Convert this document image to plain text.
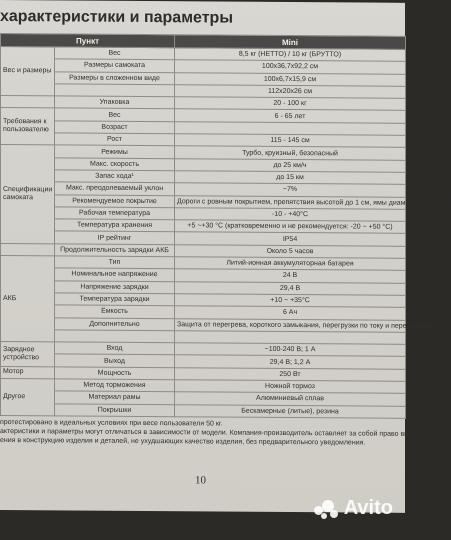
характеристики и параметры
Пункт		Mini
Вес и размеры	Вес	8,5 кг (НЕТТО) / 10 кг (БРУТТО)
	Размеры самоката	100х36,7х92,2 см
	Размеры в сложенном виде	100х6,7х15,9 см
		112х20х26 см
	Упаковка	20 - 100 кг
Требования к пользователю	Вес	6 - 65 лет
	Возраст	
	Рост	115 - 145 см
Спецификации самоката	Режимы	Турбо, круизный, безопасный
	Макс. скорость	до 25 км/ч
	Запас хода¹	до 15 км
	Макс. преодолеваемый уклон	~7%
	Рекомендуемое покрытие	Дороги с ровным покрытием, препятствия высотой до 1 см, ямы диаметром до 3 см
	Рабочая температура	-10 - +40°С
	Температура хранения	+5 ~+30 °С (кратковременно и не рекомендуется: -20 ~ +50 °С)
	IP рейтинг	IP54
	Продолжительность зарядки АКБ	Около 5 часов
АКБ	Тип	Литий-ионная аккумуляторная батарея
	Номинальное напряжение	24 В
	Напряжение зарядки	29,4 В
	Температура зарядки	+10 ~ +35°С
	Ёмкость	6 Ач
	Дополнительно	Защита от перегрева, короткого замыкания, перегрузки по току и перезарядки

Зарядное устройство	Вход	~100-240 В; 1 А
	Выход	29,4 В; 1,2 А
Мотор	Мощность	250 Вт
Другое	Метод торможения	Ножной тормоз
	Материал рамы	Алюминиевый сплав
	Покрышки	Бескамерные (литые), резина
протестировано в идеальных условиях при весе пользователя 50 кг.
актеристики и параметры могут отличаться в зависимости от модели. Компания-производитель оставляет за собой право вно
ения в конструкцию изделия и деталей, не ухудшающих качество изделия, без предварительного уведомления.
10
Avito
